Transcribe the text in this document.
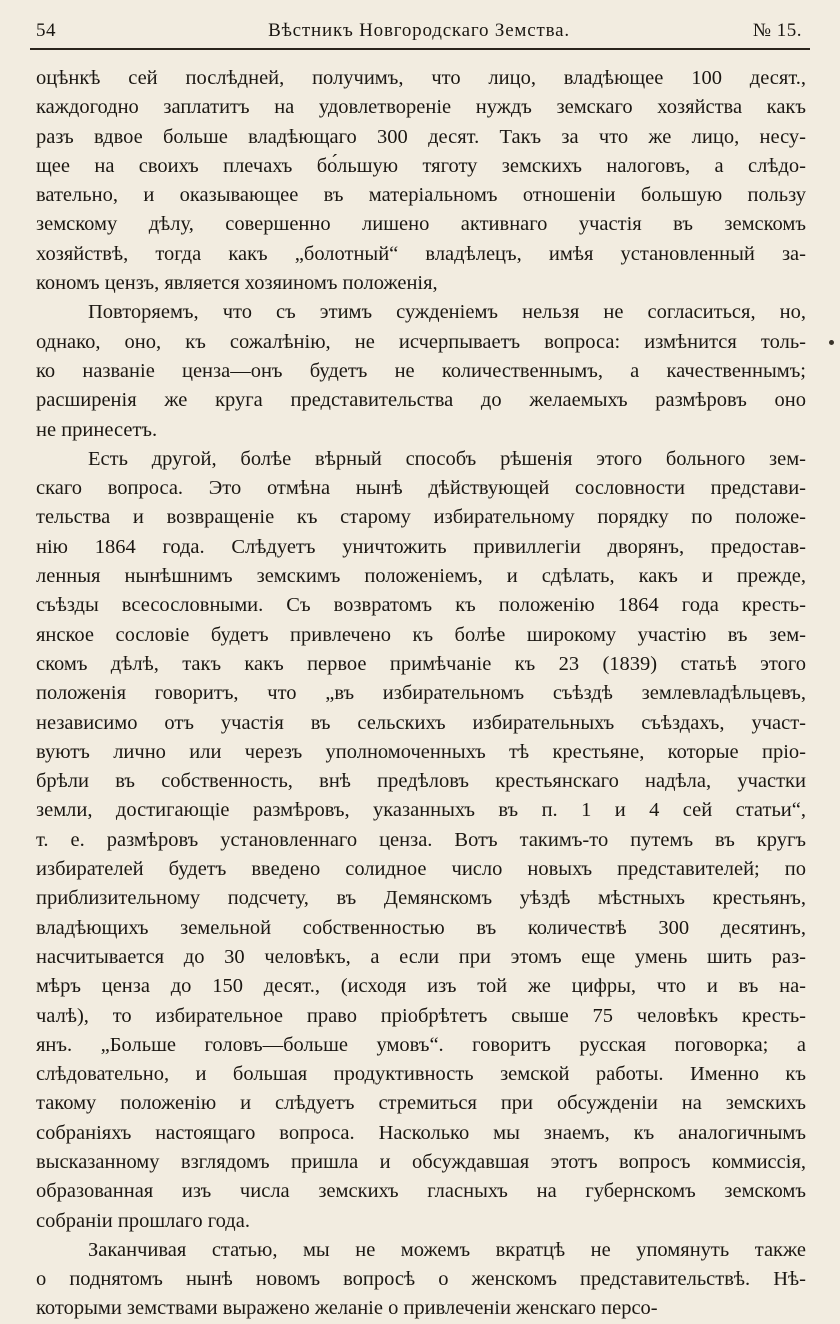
54	Вѣстникъ Новгородскаго Земства.	№ 15.
оцѣнкѣ сей послѣдней, получимъ, что лицо, владѣющее 100 десят.,
каждогодно заплатитъ на удовлетвореніе нуждъ земскаго хозяйства какъ
разъ вдвое больше владѣющаго 300 десят. Такъ за что же лицо, несу-
щее на своихъ плечахъ бо́льшую тяготу земскихъ налоговъ, а слѣдо-
вательно, и оказывающее въ матеріальномъ отношеніи большую пользу
земскому дѣлу, совершенно лишено активнаго участія въ земскомъ
хозяйствѣ, тогда какъ „болотный“ владѣлецъ, имѣя установленный за-
кономъ цензъ, является хозяиномъ положенія,
Повторяемъ, что съ этимъ сужденіемъ нельзя не согласиться, но,
однако, оно, къ сожалѣнію, не исчерпываетъ вопроса: измѣнится толь-
ко названіе ценза—онъ будетъ не количественнымъ, а качественнымъ;
расширенія же круга представительства до желаемыхъ размѣровъ оно
не принесетъ.
Есть другой, болѣе вѣрный способъ рѣшенія этого больного зем-
скаго вопроса. Это отмѣна нынѣ дѣйствующей сословности представи-
тельства и возвращеніе къ старому избирательному порядку по положе-
нію 1864 года. Слѣдуетъ уничтожить привиллегіи дворянъ, предостав-
ленныя нынѣшнимъ земскимъ положеніемъ, и сдѣлать, какъ и прежде,
съѣзды всесословными. Съ возвратомъ къ положенію 1864 года кресть-
янское сословіе будетъ привлечено къ болѣе широкому участію въ зем-
скомъ дѣлѣ, такъ какъ первое примѣчаніе къ 23 (1839) статьѣ этого
положенія говоритъ, что „въ избирательномъ съѣздѣ землевладѣльцевъ,
независимо отъ участія въ сельскихъ избирательныхъ съѣздахъ, участ-
вуютъ лично или черезъ уполномоченныхъ тѣ крестьяне, которые пріо-
брѣли въ собственность, внѣ предѣловъ крестьянскаго надѣла, участки
земли, достигающіе размѣровъ, указанныхъ въ п. 1 и 4 сей статьи“,
т. е. размѣровъ установленнаго ценза. Вотъ такимъ-то путемъ въ кругъ
избирателей будетъ введено солидное число новыхъ представителей; по
приблизительному подсчету, въ Демянскомъ уѣздѣ мѣстныхъ крестьянъ,
владѣющихъ земельной собственностью въ количествѣ 300 десятинъ,
насчитывается до 30 человѣкъ, а если при этомъ еще умень шить раз-
мѣръ ценза до 150 десят., (исходя изъ той же цифры, что и въ на-
чалѣ), то избирательное право пріобрѣтетъ свыше 75 человѣкъ кресть-
янъ. „Больше головъ—больше умовъ“. говоритъ русская поговорка; а
слѣдовательно, и большая продуктивность земской работы. Именно къ
такому положенію и слѣдуетъ стремиться при обсужденіи на земскихъ
собраніяхъ настоящаго вопроса. Насколько мы знаемъ, къ аналогичнымъ
высказанному взглядомъ пришла и обсуждавшая этотъ вопросъ коммиссія,
образованная изъ числа земскихъ гласныхъ на губернскомъ земскомъ
собраніи прошлаго года.
Заканчивая статью, мы не можемъ вкратцѣ не упомянуть также
о поднятомъ нынѣ новомъ вопросѣ о женскомъ представительствѣ. Нѣ-
которыми земствами выражено желаніе о привлеченіи женскаго персо-
